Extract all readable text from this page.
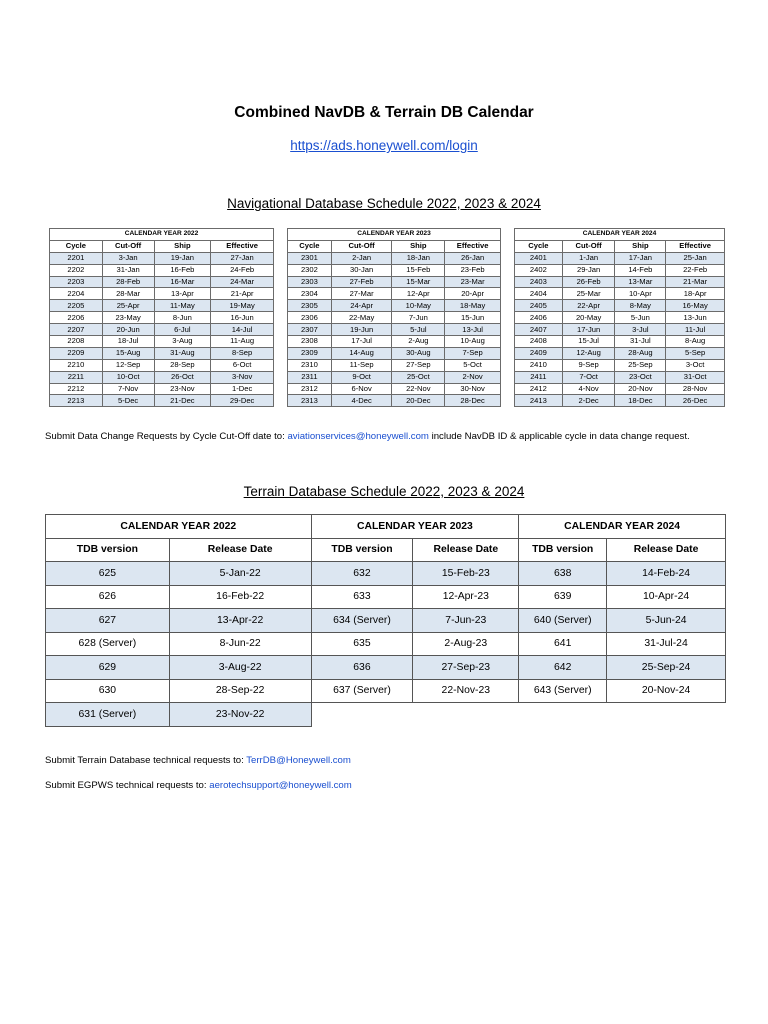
Combined NavDB & Terrain DB Calendar
https://ads.honeywell.com/login
Navigational Database Schedule 2022, 2023 & 2024
CALENDAR YEAR 2022			
Cycle	Cut-Off	Ship	Effective
2201	3-Jan	19-Jan	27-Jan
2202	31-Jan	16-Feb	24-Feb
2203	28-Feb	16-Mar	24-Mar
2204	28-Mar	13-Apr	21-Apr
2205	25-Apr	11-May	19-May
2206	23-May	8-Jun	16-Jun
2207	20-Jun	6-Jul	14-Jul
2208	18-Jul	3-Aug	11-Aug
2209	15-Aug	31-Aug	8-Sep
2210	12-Sep	28-Sep	6-Oct
2211	10-Oct	26-Oct	3-Nov
2212	7-Nov	23-Nov	1-Dec
2213	5-Dec	21-Dec	29-Dec
CALENDAR YEAR 2023			
Cycle	Cut-Off	Ship	Effective
2301	2-Jan	18-Jan	26-Jan
2302	30-Jan	15-Feb	23-Feb
2303	27-Feb	15-Mar	23-Mar
2304	27-Mar	12-Apr	20-Apr
2305	24-Apr	10-May	18-May
2306	22-May	7-Jun	15-Jun
2307	19-Jun	5-Jul	13-Jul
2308	17-Jul	2-Aug	10-Aug
2309	14-Aug	30-Aug	7-Sep
2310	11-Sep	27-Sep	5-Oct
2311	9-Oct	25-Oct	2-Nov
2312	6-Nov	22-Nov	30-Nov
2313	4-Dec	20-Dec	28-Dec
CALENDAR YEAR 2024			
Cycle	Cut-Off	Ship	Effective
2401	1-Jan	17-Jan	25-Jan
2402	29-Jan	14-Feb	22-Feb
2403	26-Feb	13-Mar	21-Mar
2404	25-Mar	10-Apr	18-Apr
2405	22-Apr	8-May	16-May
2406	20-May	5-Jun	13-Jun
2407	17-Jun	3-Jul	11-Jul
2408	15-Jul	31-Jul	8-Aug
2409	12-Aug	28-Aug	5-Sep
2410	9-Sep	25-Sep	3-Oct
2411	7-Oct	23-Oct	31-Oct
2412	4-Nov	20-Nov	28-Nov
2413	2-Dec	18-Dec	26-Dec
Submit Data Change Requests by Cycle Cut-Off date to: aviationservices@honeywell.com include NavDB ID & applicable cycle in data change request.
Terrain Database Schedule 2022, 2023 & 2024
CALENDAR YEAR 2022		CALENDAR YEAR 2023		CALENDAR YEAR 2024	
TDB version	Release Date	TDB version	Release Date	TDB version	Release Date
625	5-Jan-22	632	15-Feb-23	638	14-Feb-24
626	16-Feb-22	633	12-Apr-23	639	10-Apr-24
627	13-Apr-22	634 (Server)	7-Jun-23	640 (Server)	5-Jun-24
628 (Server)	8-Jun-22	635	2-Aug-23	641	31-Jul-24
629	3-Aug-22	636	27-Sep-23	642	25-Sep-24
630	28-Sep-22	637 (Server)	22-Nov-23	643 (Server)	20-Nov-24
631 (Server)	23-Nov-22				
Submit Terrain Database technical requests to: TerrDB@Honeywell.com
Submit EGPWS technical requests to: aerotechsupport@honeywell.com
